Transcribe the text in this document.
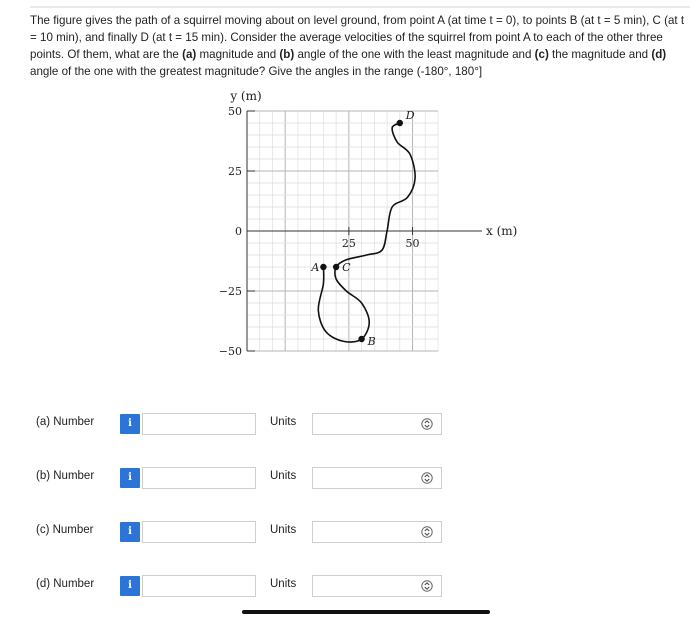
The figure gives the path of a squirrel moving about on level ground, from point A (at time t = 0), to points B (at t = 5 min), C (at t = 10 min), and finally D (at t = 15 min). Consider the average velocities of the squirrel from point A to each of the other three points. Of them, what are the (a) magnitude and (b) angle of the one with the least magnitude and (c) the magnitude and (d) angle of the one with the greatest magnitude? Give the angles in the range (-180°, 180°]
50
25
0
−25
−50
25	50
y (m)
x (m)
A
B
C
D
(a) Number	i	Units
(b) Number	i	Units
(c) Number	i	Units
(d) Number	i	Units
